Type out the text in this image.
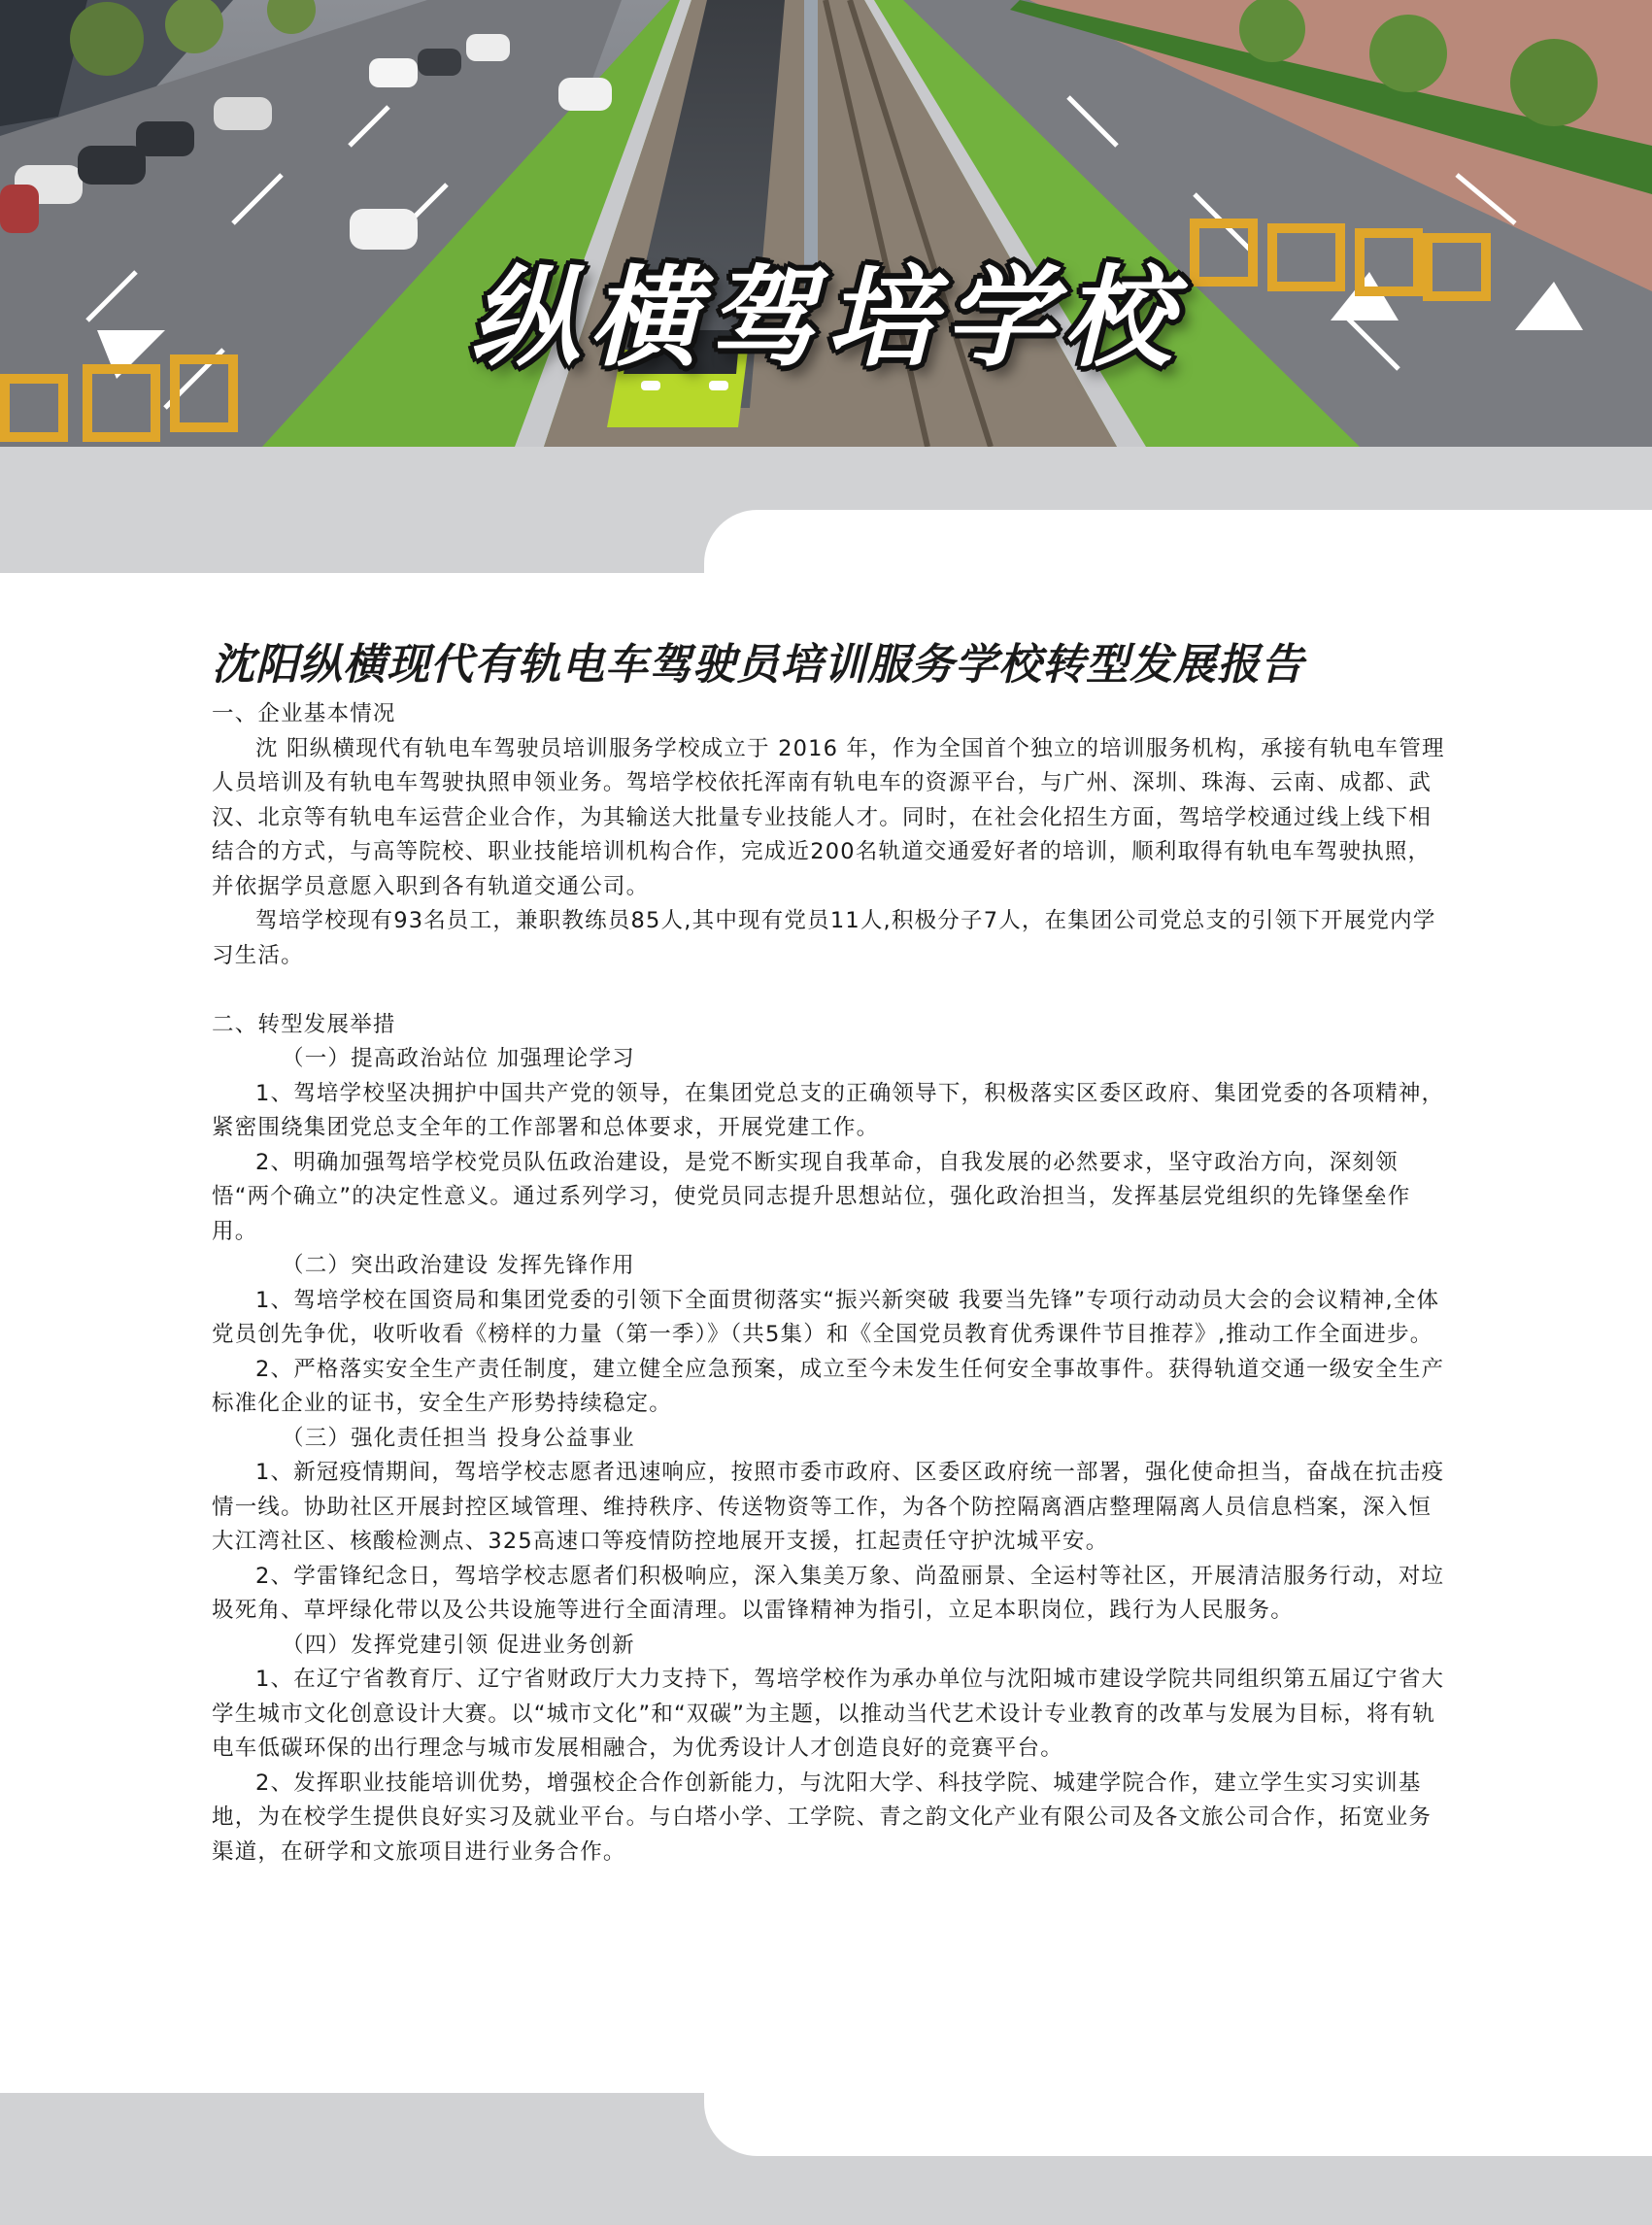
纵横驾培学校
沈阳纵横现代有轨电车驾驶员培训服务学校转型发展报告

一、企业基本情况

沈 阳纵横现代有轨电车驾驶员培训服务学校成立于 2016 年，作为全国首个独立的培训服务机构，承接有轨电车管理人员培训及有轨电车驾驶执照申领业务。驾培学校依托浑南有轨电车的资源平台，与广州、深圳、珠海、云南、成都、武汉、北京等有轨电车运营企业合作，为其输送大批量专业技能人才。同时，在社会化招生方面，驾培学校通过线上线下相结合的方式，与高等院校、职业技能培训机构合作，完成近200名轨道交通爱好者的培训，顺利取得有轨电车驾驶执照，并依据学员意愿入职到各有轨道交通公司。

驾培学校现有93名员工，兼职教练员85人,其中现有党员11人,积极分子7人，在集团公司党总支的引领下开展党内学习生活。

二、转型发展举措

（一）提高政治站位 加强理论学习

1、驾培学校坚决拥护中国共产党的领导，在集团党总支的正确领导下，积极落实区委区政府、集团党委的各项精神，紧密围绕集团党总支全年的工作部署和总体要求，开展党建工作。

2、明确加强驾培学校党员队伍政治建设，是党不断实现自我革命，自我发展的必然要求，坚守政治方向，深刻领悟“两个确立”的决定性意义。通过系列学习，使党员同志提升思想站位，强化政治担当，发挥基层党组织的先锋堡垒作用。

（二）突出政治建设 发挥先锋作用

1、驾培学校在国资局和集团党委的引领下全面贯彻落实“振兴新突破 我要当先锋”专项行动动员大会的会议精神,全体党员创先争优，收听收看《榜样的力量（第一季）》（共5集）和《全国党员教育优秀课件节目推荐》,推动工作全面进步。

2、严格落实安全生产责任制度，建立健全应急预案，成立至今未发生任何安全事故事件。获得轨道交通一级安全生产标准化企业的证书，安全生产形势持续稳定。

（三）强化责任担当 投身公益事业

1、新冠疫情期间，驾培学校志愿者迅速响应，按照市委市政府、区委区政府统一部署，强化使命担当，奋战在抗击疫情一线。协助社区开展封控区域管理、维持秩序、传送物资等工作，为各个防控隔离酒店整理隔离人员信息档案，深入恒大江湾社区、核酸检测点、325高速口等疫情防控地展开支援，扛起责任守护沈城平安。

2、学雷锋纪念日，驾培学校志愿者们积极响应，深入集美万象、尚盈丽景、全运村等社区，开展清洁服务行动，对垃圾死角、草坪绿化带以及公共设施等进行全面清理。以雷锋精神为指引，立足本职岗位，践行为人民服务。

（四）发挥党建引领 促进业务创新

1、在辽宁省教育厅、辽宁省财政厅大力支持下，驾培学校作为承办单位与沈阳城市建设学院共同组织第五届辽宁省大学生城市文化创意设计大赛。以“城市文化”和“双碳”为主题，以推动当代艺术设计专业教育的改革与发展为目标，将有轨电车低碳环保的出行理念与城市发展相融合，为优秀设计人才创造良好的竞赛平台。

2、发挥职业技能培训优势，增强校企合作创新能力，与沈阳大学、科技学院、城建学院合作，建立学生实习实训基地，为在校学生提供良好实习及就业平台。与白塔小学、工学院、青之韵文化产业有限公司及各文旅公司合作，拓宽业务渠道，在研学和文旅项目进行业务合作。
